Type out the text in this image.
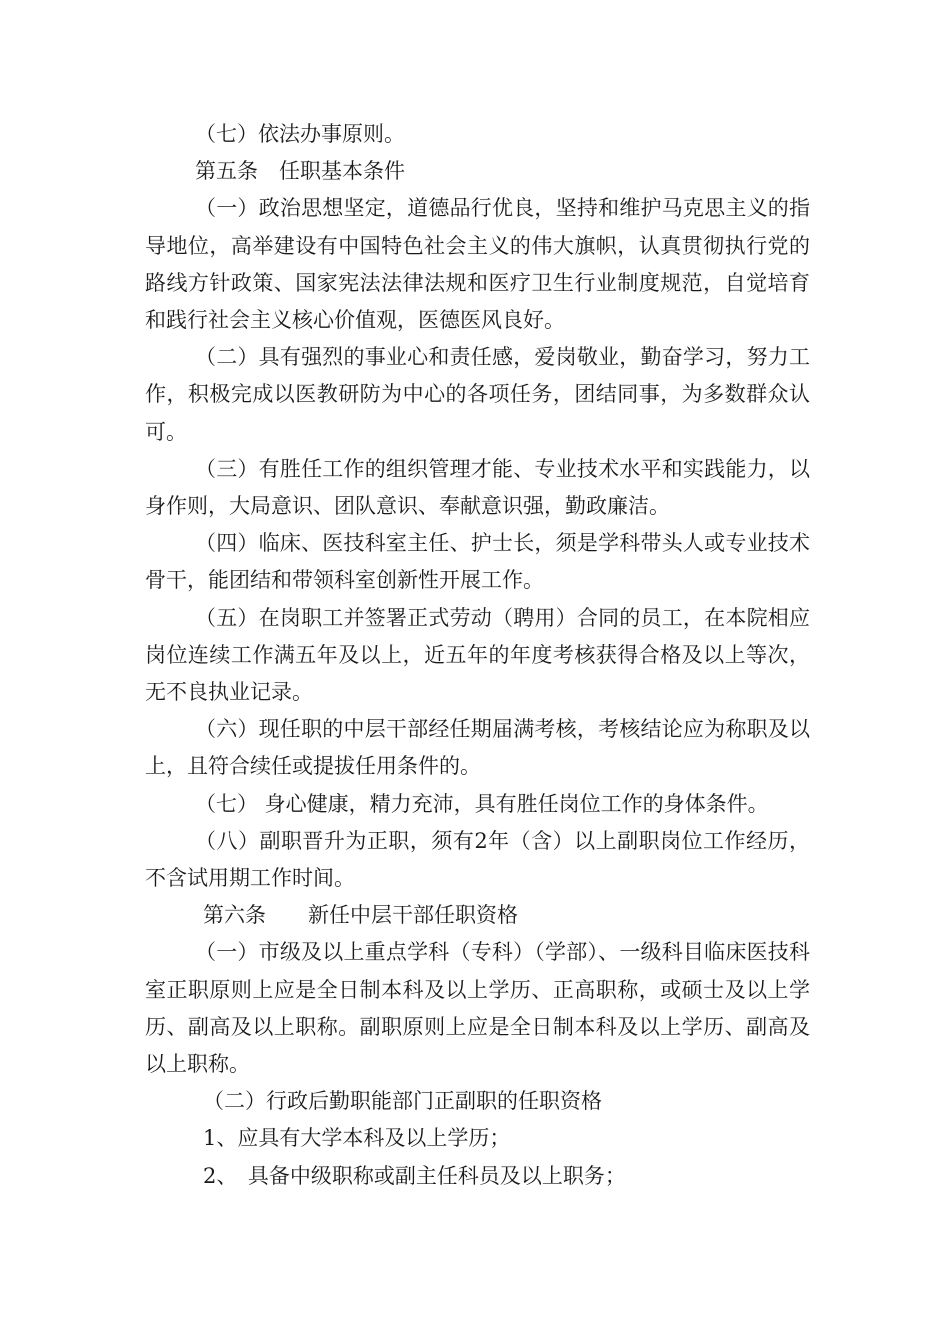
（七）依法办事原则。

第五条　任职基本条件

（一）政治思想坚定，道德品行优良，坚持和维护马克思主义的指导地位，高举建设有中国特色社会主义的伟大旗帜，认真贯彻执行党的路线方针政策、国家宪法法律法规和医疗卫生行业制度规范，自觉培育和践行社会主义核心价值观，医德医风良好。

（二）具有强烈的事业心和责任感，爱岗敬业，勤奋学习，努力工作，积极完成以医教研防为中心的各项任务，团结同事，为多数群众认可。

（三）有胜任工作的组织管理才能、专业技术水平和实践能力，以身作则，大局意识、团队意识、奉献意识强，勤政廉洁。

（四）临床、医技科室主任、护士长，须是学科带头人或专业技术骨干，能团结和带领科室创新性开展工作。

（五）在岗职工并签署正式劳动（聘用）合同的员工，在本院相应岗位连续工作满五年及以上，近五年的年度考核获得合格及以上等次，无不良执业记录。

（六）现任职的中层干部经任期届满考核，考核结论应为称职及以上，且符合续任或提拔任用条件的。

（七） 身心健康，精力充沛，具有胜任岗位工作的身体条件。

（八）副职晋升为正职，须有2年（含）以上副职岗位工作经历，不含试用期工作时间。

第六条　　新任中层干部任职资格

（一）市级及以上重点学科（专科）（学部）、一级科目临床医技科室正职原则上应是全日制本科及以上学历、正高职称，或硕士及以上学历、副高及以上职称。副职原则上应是全日制本科及以上学历、副高及以上职称。

（二）行政后勤职能部门正副职的任职资格

1、应具有大学本科及以上学历；

2、　具备中级职称或副主任科员及以上职务；
